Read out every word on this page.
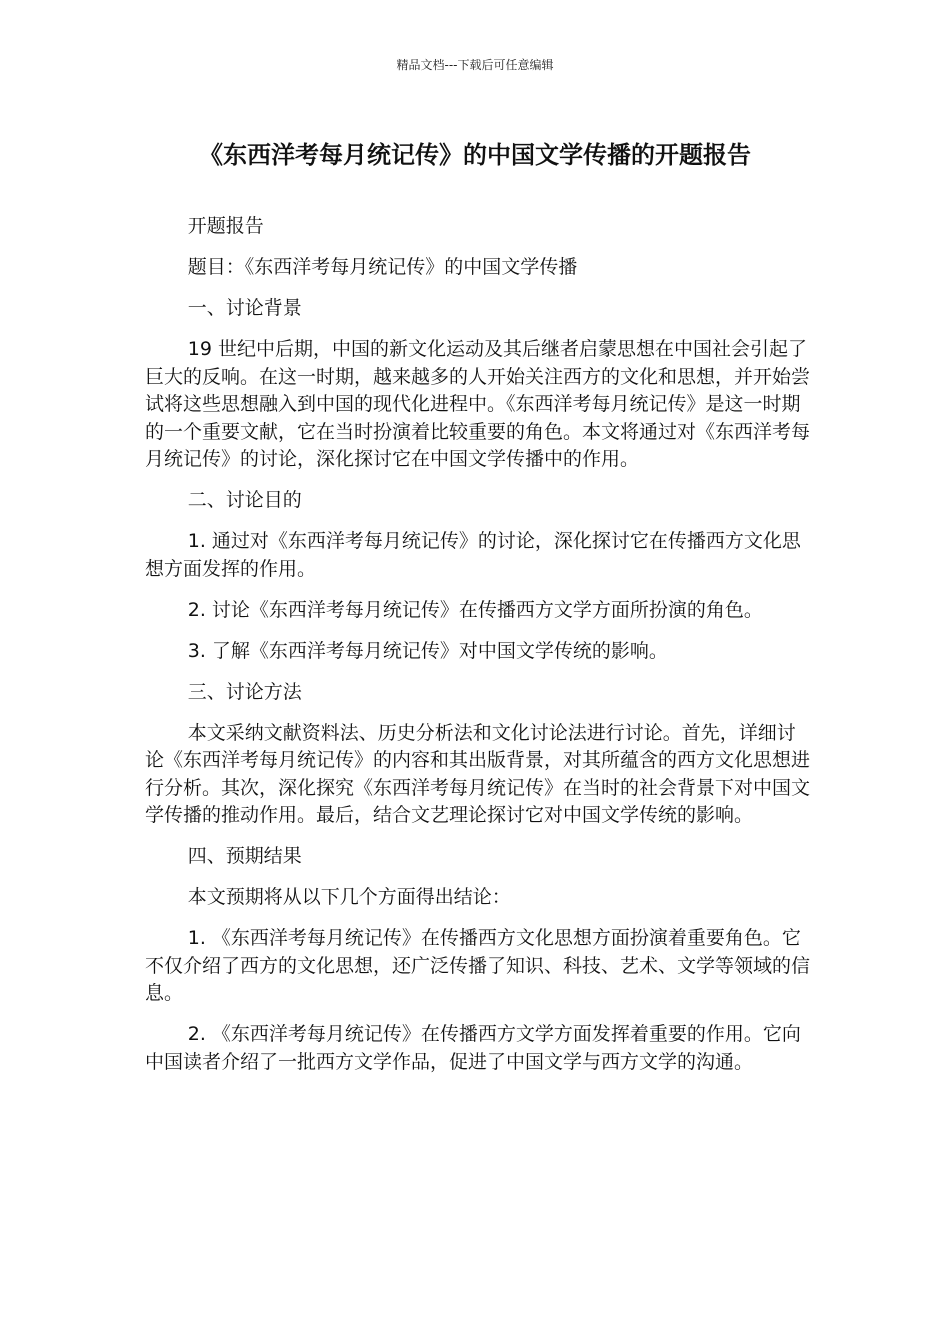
精品文档---下载后可任意编辑
《东西洋考每月统记传》的中国文学传播的开题报告

开题报告

题目：《东西洋考每月统记传》的中国文学传播

一、讨论背景

19 世纪中后期，中国的新文化运动及其后继者启蒙思想在中国社会引起了巨大的反响。在这一时期，越来越多的人开始关注西方的文化和思想，并开始尝试将这些思想融入到中国的现代化进程中。《东西洋考每月统记传》是这一时期的一个重要文献，它在当时扮演着比较重要的角色。本文将通过对《东西洋考每月统记传》的讨论，深化探讨它在中国文学传播中的作用。

二、讨论目的

1. 通过对《东西洋考每月统记传》的讨论，深化探讨它在传播西方文化思想方面发挥的作用。

2. 讨论《东西洋考每月统记传》在传播西方文学方面所扮演的角色。

3. 了解《东西洋考每月统记传》对中国文学传统的影响。

三、讨论方法

本文采纳文献资料法、历史分析法和文化讨论法进行讨论。首先，详细讨论《东西洋考每月统记传》的内容和其出版背景，对其所蕴含的西方文化思想进行分析。其次，深化探究《东西洋考每月统记传》在当时的社会背景下对中国文学传播的推动作用。最后，结合文艺理论探讨它对中国文学传统的影响。

四、预期结果

本文预期将从以下几个方面得出结论：

1. 《东西洋考每月统记传》在传播西方文化思想方面扮演着重要角色。它不仅介绍了西方的文化思想，还广泛传播了知识、科技、艺术、文学等领域的信息。

2. 《东西洋考每月统记传》在传播西方文学方面发挥着重要的作用。它向中国读者介绍了一批西方文学作品，促进了中国文学与西方文学的沟通。
